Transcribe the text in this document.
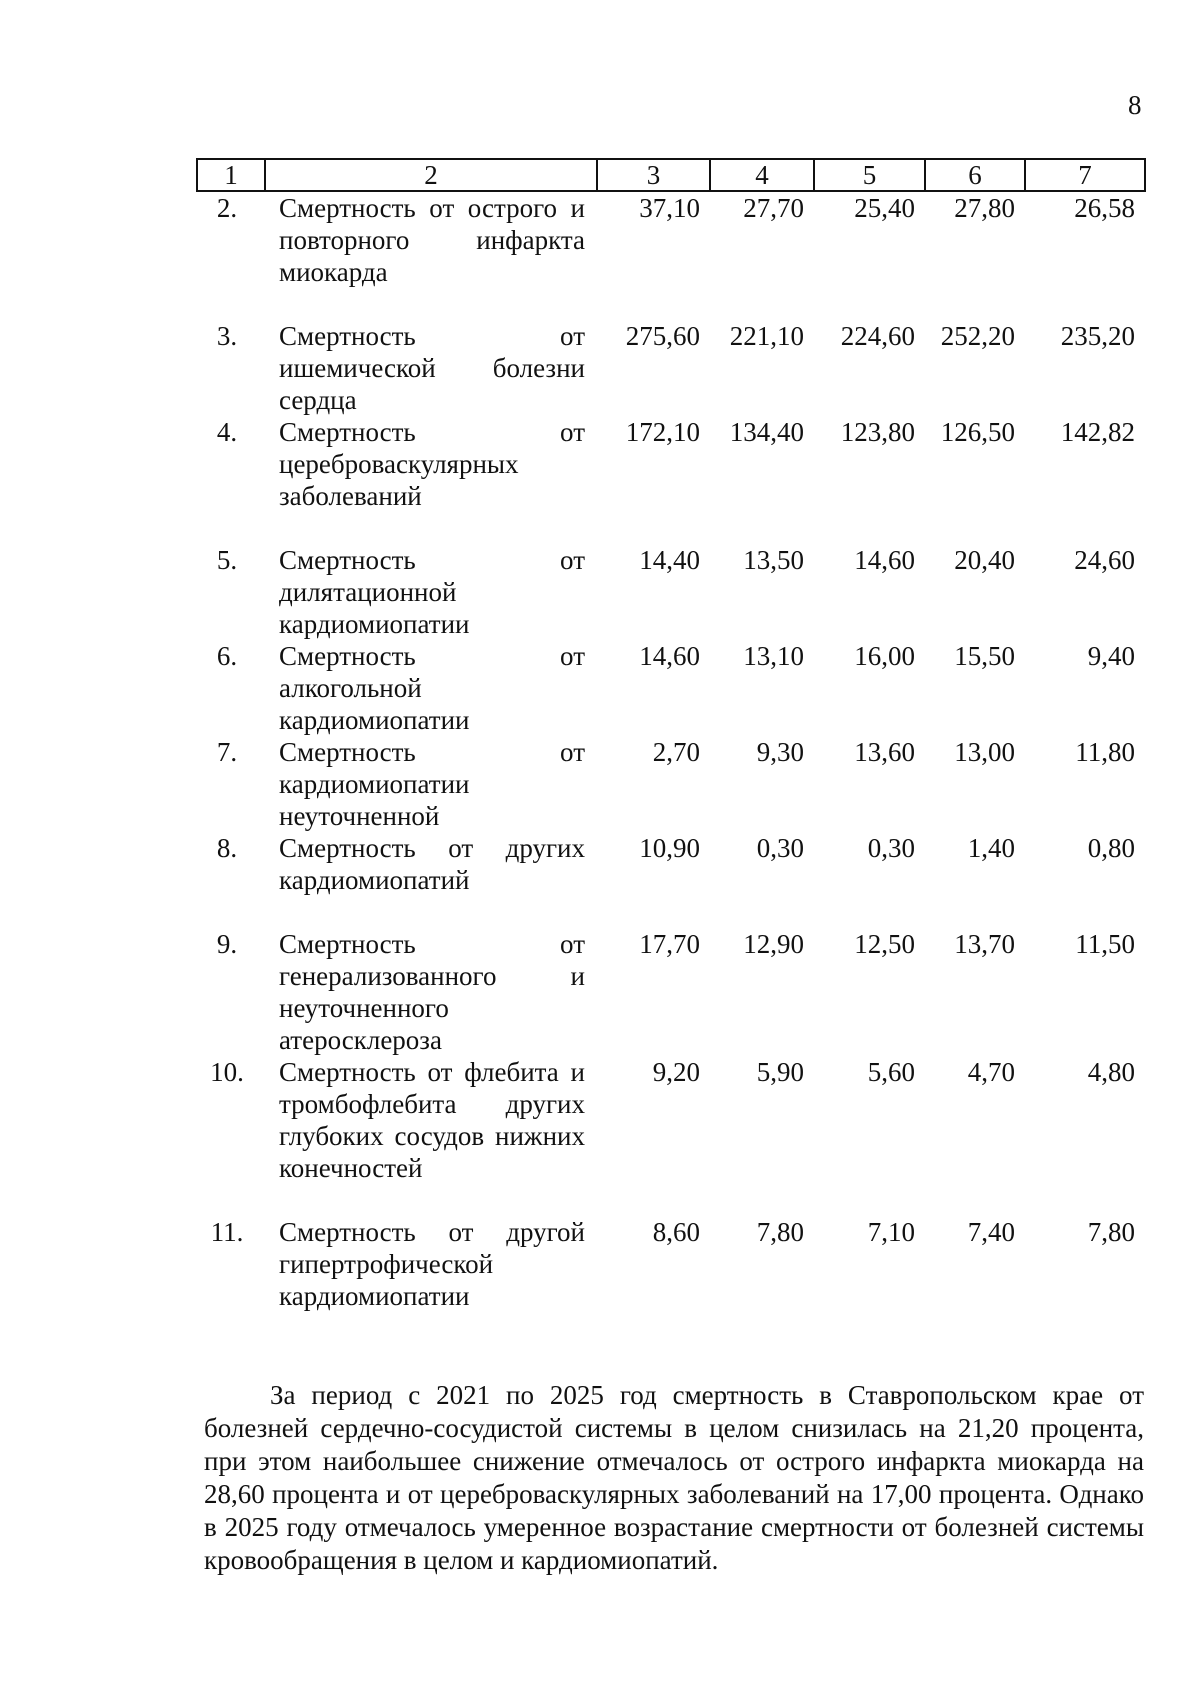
8
1	2	3	4	5	6	7
2.	Смертность от острого и повторного инфаркта миокарда	37,10	27,70	25,40	27,80	26,58
3.	Смертность от ишемической болезни сердца	275,60	221,10	224,60	252,20	235,20
4.	Смертность от цереброваскулярных заболеваний	172,10	134,40	123,80	126,50	142,82
5.	Смертность от дилятационной кардиомиопатии	14,40	13,50	14,60	20,40	24,60
6.	Смертность от алкогольной кардиомиопатии	14,60	13,10	16,00	15,50	9,40
7.	Смертность от кардиомиопатии неуточненной	2,70	9,30	13,60	13,00	11,80
8.	Смертность от других кардиомиопатий	10,90	0,30	0,30	1,40	0,80
9.	Смертность от генерализованного и неуточненного атеросклероза	17,70	12,90	12,50	13,70	11,50
10.	Смертность от флебита и тромбофлебита других глубоких сосудов нижних конечностей	9,20	5,90	5,60	4,70	4,80
11.	Смертность от другой гипертрофической кардиомиопатии	8,60	7,80	7,10	7,40	7,80

За период с 2021 по 2025 год смертность в Ставропольском крае от болезней сердечно-сосудистой системы в целом снизилась на 21,20 процента, при этом наибольшее снижение отмечалось от острого инфаркта миокарда на 28,60 процента и от цереброваскулярных заболеваний на 17,00 процента. Однако в 2025 году отмечалось умеренное возрастание смертности от болезней системы кровообращения в целом и кардиомиопатий.
